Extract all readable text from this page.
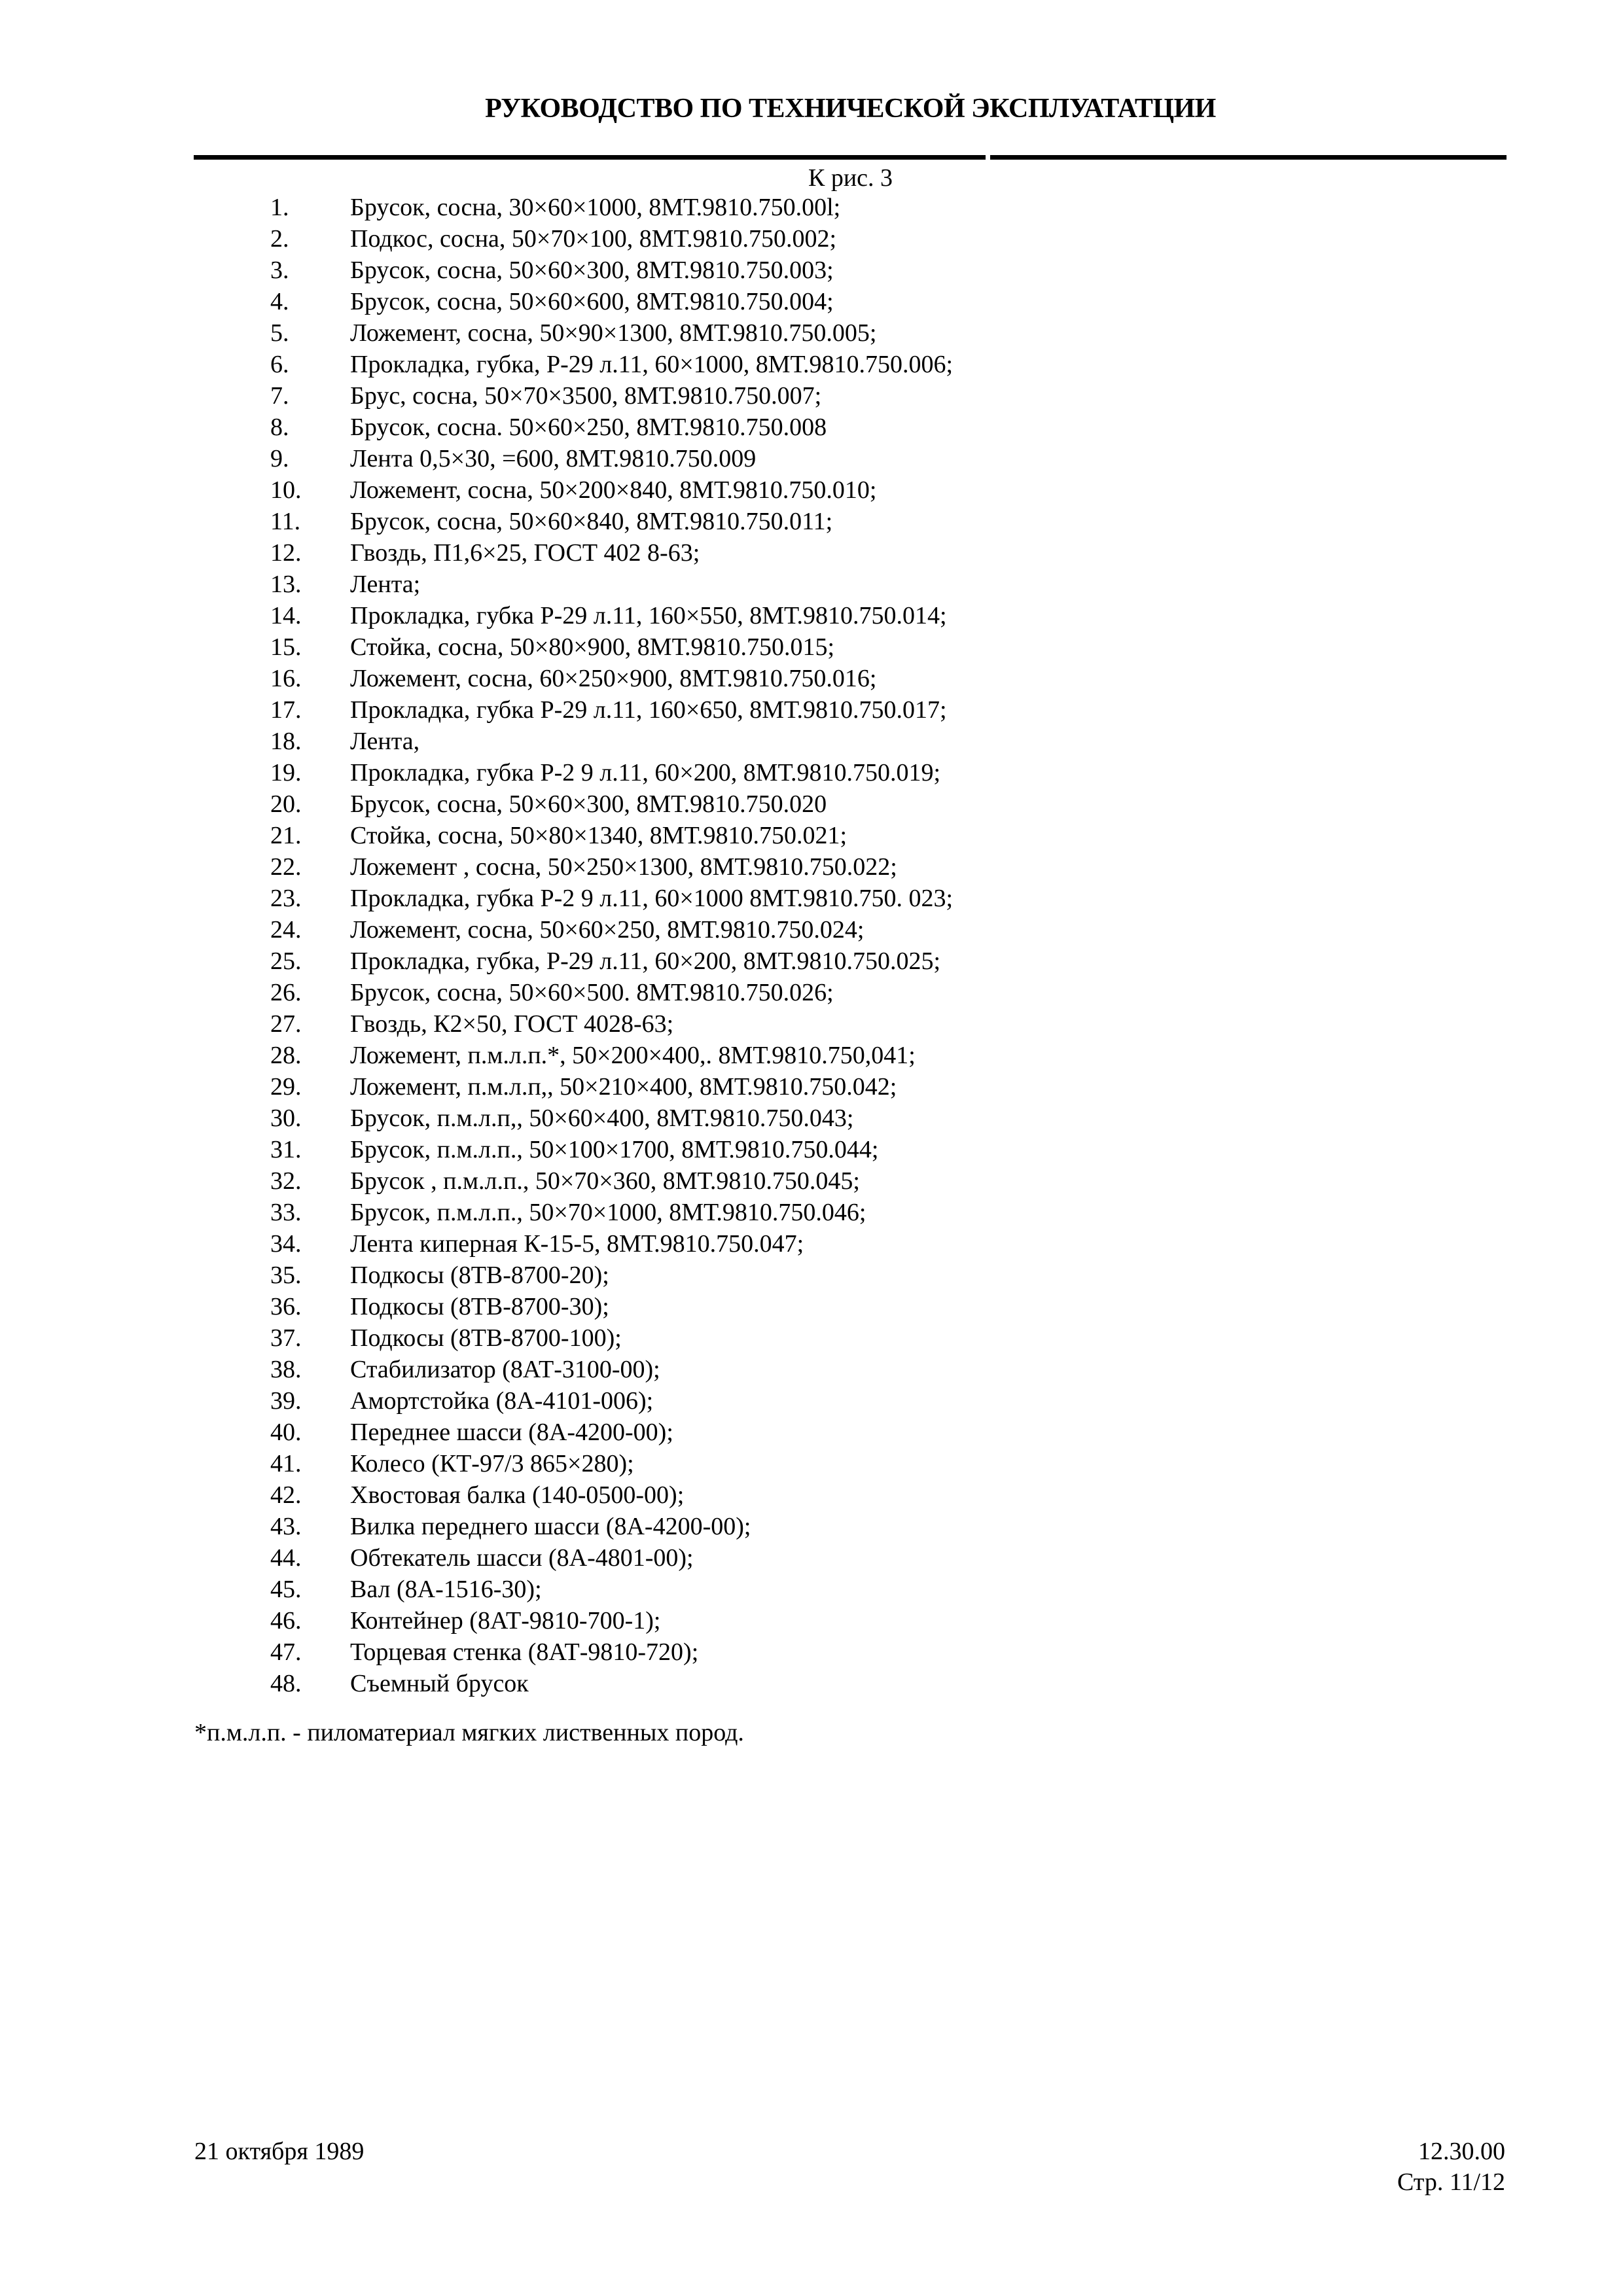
РУКОВОДСТВО ПО ТЕХНИЧЕСКОЙ ЭКСПЛУАТАТЦИИ
К рис. 3
1. Брусок, сосна, 30×60×1000, 8МТ.9810.750.00l;
2. Подкос, сосна, 50×70×100, 8МТ.9810.750.002;
3. Брусок, сосна, 50×60×300, 8МТ.9810.750.003;
4. Брусок, сосна, 50×60×600, 8МТ.9810.750.004;
5. Ложемент, сосна, 50×90×1300, 8МТ.9810.750.005;
6. Прокладка, губка, Р-29 л.11, 60×1000, 8МТ.9810.750.006;
7. Брус, сосна, 50×70×3500, 8МТ.9810.750.007;
8. Брусок, сосна. 50×60×250, 8МТ.9810.750.008
9. Лента 0,5×30, =600, 8МТ.9810.750.009
10. Ложемент, сосна, 50×200×840, 8МТ.9810.750.010;
11. Брусок, сосна, 50×60×840, 8МТ.9810.750.011;
12. Гвоздь, П1,6×25, ГОСТ 402 8-63;
13. Лента;
14. Прокладка, губка Р-29 л.11, 160×550, 8МТ.9810.750.014;
15. Стойка, сосна, 50×80×900, 8МТ.9810.750.015;
16. Ложемент, сосна, 60×250×900, 8МТ.9810.750.016;
17. Прокладка, губка Р-29 л.11, 160×650, 8МТ.9810.750.017;
18. Лента,
19. Прокладка, губка Р-2 9 л.11, 60×200, 8МТ.9810.750.019;
20. Брусок, сосна, 50×60×300, 8МТ.9810.750.020
21. Стойка, сосна, 50×80×1340, 8МТ.9810.750.021;
22. Ложемент , сосна, 50×250×1300, 8МТ.9810.750.022;
23. Прокладка, губка Р-2 9 л.11, 60×1000 8МТ.9810.750. 023;
24. Ложемент, сосна, 50×60×250, 8МТ.9810.750.024;
25. Прокладка, губка, Р-29 л.11, 60×200, 8МТ.9810.750.025;
26. Брусок, сосна, 50×60×500. 8МТ.9810.750.026;
27. Гвоздь, К2×50, ГОСТ 4028-63;
28. Ложемент, п.м.л.п.*, 50×200×400,. 8МТ.9810.750,041;
29. Ложемент, п.м.л.п,, 50×210×400, 8МТ.9810.750.042;
30. Брусок, п.м.л.п,, 50×60×400, 8МТ.9810.750.043;
31. Брусок, п.м.л.п., 50×100×1700, 8МТ.9810.750.044;
32. Брусок , п.м.л.п., 50×70×360, 8МТ.9810.750.045;
33. Брусок, п.м.л.п., 50×70×1000, 8МТ.9810.750.046;
34. Лента киперная К-15-5, 8МТ.9810.750.047;
35. Подкосы (8ТВ-8700-20);
36. Подкосы (8ТВ-8700-30);
37. Подкосы (8ТВ-8700-100);
38. Стабилизатор (8АТ-3100-00);
39. Амортстойка (8А-4101-006);
40. Переднее шасси (8А-4200-00);
41. Колесо (КТ-97/3 865×280);
42. Хвостовая балка (140-0500-00);
43. Вилка переднего шасси (8А-4200-00);
44. Обтекатель шасси (8А-4801-00);
45. Вал (8А-1516-30);
46. Контейнер (8АТ-9810-700-1);
47. Торцевая стенка (8АТ-9810-720);
48. Съемный брусок
*п.м.л.п. - пиломатериал мягких лиственных пород.
21 октября 1989	12.30.00
Стр. 11/12
